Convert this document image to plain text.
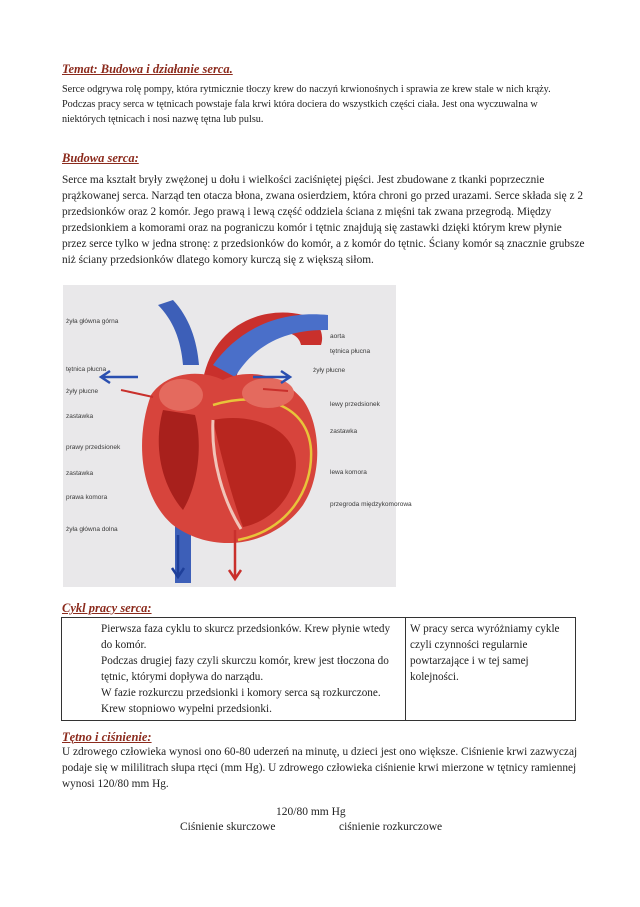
Temat: Budowa i działanie serca.

Serce odgrywa rolę pompy, która rytmicznie tłoczy krew do naczyń krwionośnych i sprawia ze krew stale w nich krąży. Podczas pracy serca w tętnicach powstaje fala krwi która dociera do wszystkich części ciała. Jest ona wyczuwalna w niektórych tętnicach i nosi nazwę tętna lub pulsu.

Budowa serca:

Serce ma kształt bryły zwężonej u dołu i wielkości zaciśniętej pięści. Jest zbudowane z tkanki poprzecznie prążkowanej serca. Narząd ten otacza błona, zwana osierdziem, która chroni go przed urazami. Serce składa się z 2 przedsionków oraz 2 komór. Jego prawą i lewą część oddziela ściana z mięśni tak zwana przegrodą. Między przedsionkiem a komorami oraz na pograniczu komór i tętnic znajdują się zastawki dzięki którym krew płynie przez serce tylko w jedna stronę: z przedsionków do komór, a z komór do tętnic. Ściany komór są znacznie grubsze niż ściany przedsionków dlatego komory kurczą się z większą siłom.

żyła główna górna
tętnica płucna
żyły płucne
zastawka
prawy przedsionek
zastawka
prawa komora
żyła główna dolna
aorta
tętnica płucna
żyły płucne
lewy przedsionek
zastawka
lewa komora
przegroda międzykomorowa
Cykl pracy serca:

Pierwsza faza cyklu to skurcz przedsionków. Krew płynie wtedy do komór.

Podczas drugiej fazy czyli skurczu komór, krew jest tłoczona do tętnic, którymi dopływa do narządu.

W fazie rozkurczu przedsionki i komory serca są rozkurczone. Krew stopniowo wypełni przedsionki.

	W pracy serca wyróżniamy cykle czyli czynności regularnie powtarzające i w tej samej kolejności.
Tętno i ciśnienie:

U zdrowego człowieka wynosi ono 60-80 uderzeń na minutę, u dzieci jest ono większe. Ciśnienie krwi zazwyczaj podaje się w mililitrach słupa rtęci (mm Hg). U zdrowego człowieka ciśnienie krwi mierzone w tętnicy ramiennej wynosi 120/80 mm Hg.

120/80 mm Hg
Ciśnienie skurczowe	ciśnienie rozkurczowe
